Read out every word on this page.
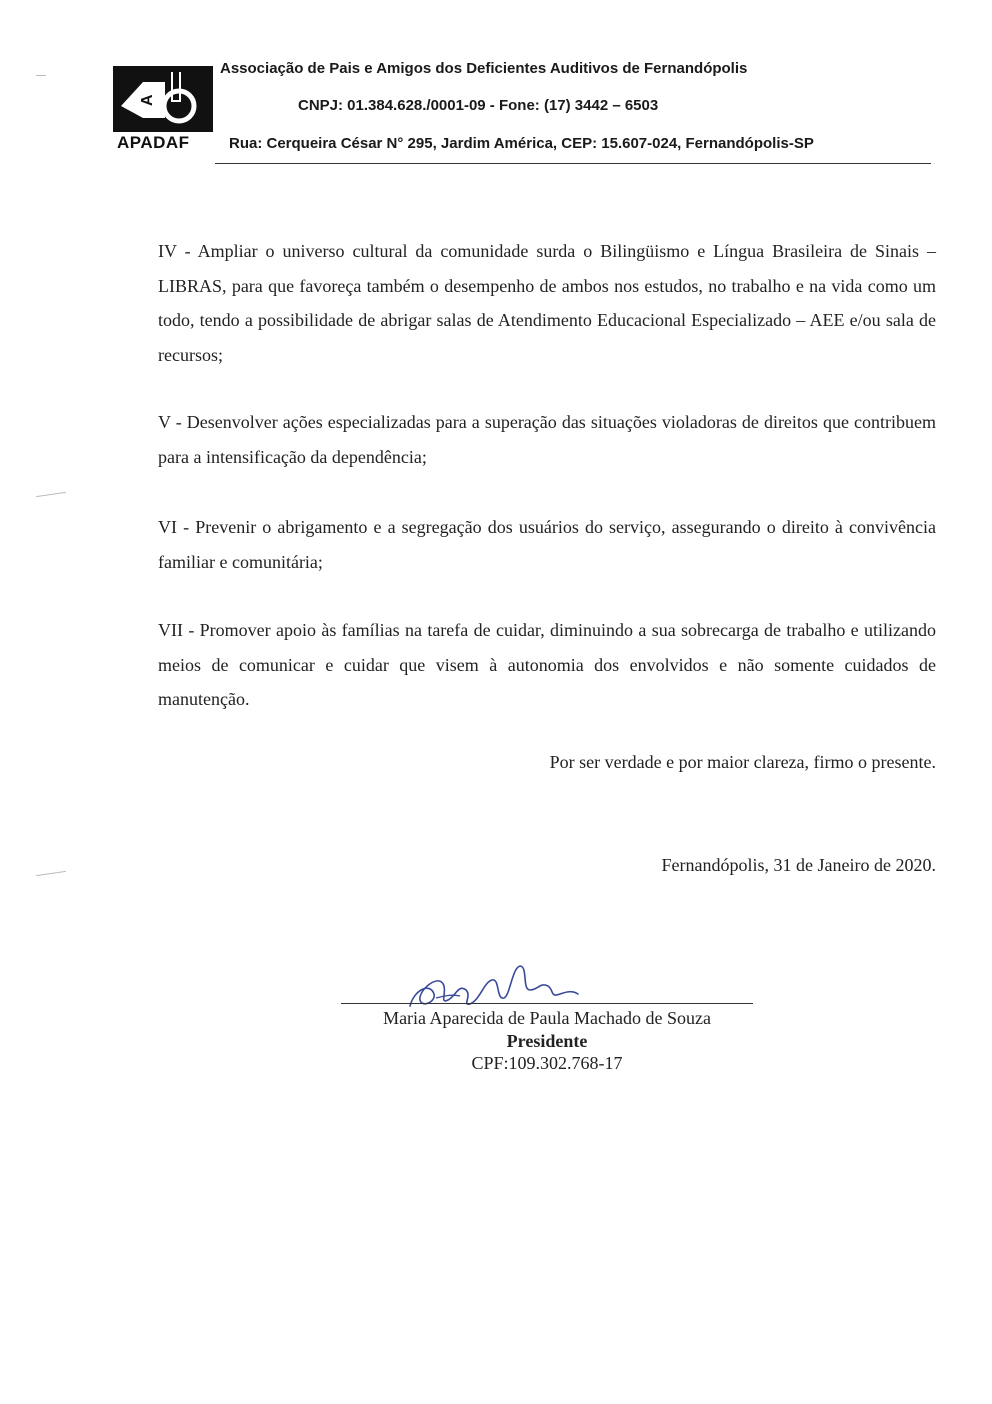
A
APADAF
Associação de Pais e Amigos dos Deficientes Auditivos de Fernandópolis
CNPJ: 01.384.628./0001-09 - Fone: (17) 3442 – 6503
Rua: Cerqueira César N° 295, Jardim América, CEP: 15.607-024, Fernandópolis-SP
IV - Ampliar o universo cultural da comunidade surda o Bilingüismo e Língua Brasileira de Sinais – LIBRAS, para que favoreça também o desempenho de ambos nos estudos, no trabalho e na vida como um todo, tendo a possibilidade de abrigar salas de Atendimento Educacional Especializado – AEE e/ou sala de recursos;
V - Desenvolver ações especializadas para a superação das situações violadoras de direitos que contribuem para a intensificação da dependência;
VI - Prevenir o abrigamento e a segregação dos usuários do serviço, assegurando o direito à convivência familiar e comunitária;
VII - Promover apoio às famílias na tarefa de cuidar, diminuindo a sua sobrecarga de trabalho e utilizando meios de comunicar e cuidar que visem à autonomia dos envolvidos e não somente cuidados de manutenção.
Por ser verdade e por maior clareza, firmo o presente.
Fernandópolis, 31 de Janeiro de 2020.
Maria Aparecida de Paula Machado de Souza
Presidente
CPF:109.302.768-17
